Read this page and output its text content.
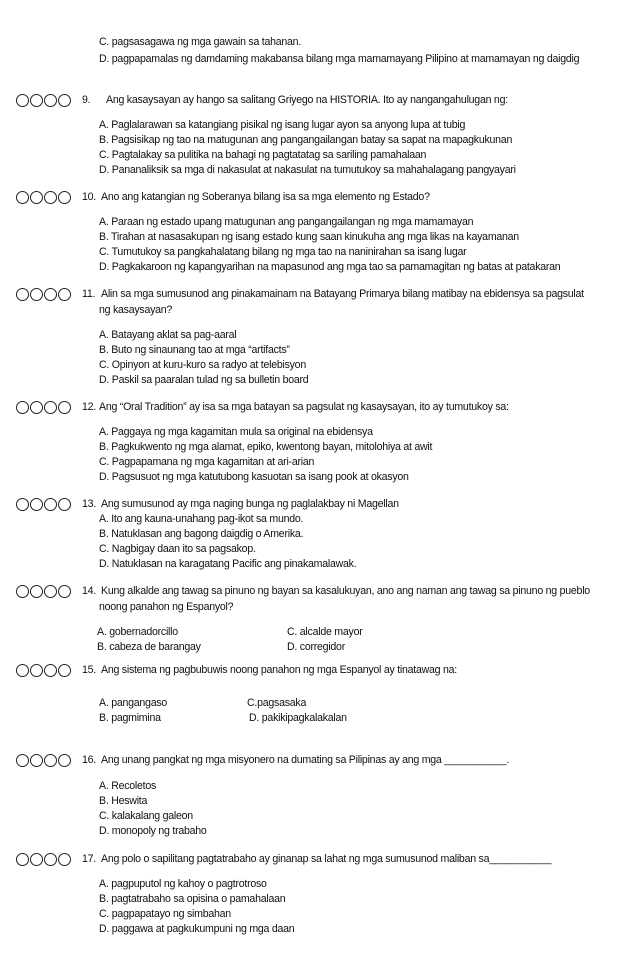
C. pagsasagawa ng mga gawain sa tahanan.
D. pagpapamalas ng damdaming makabansa bilang mga mamamayang Pilipino at mamamayan ng daigdig
9.	Ang kasaysayan ay hango sa salitang Griyego na HISTORIA. Ito ay nangangahulugan ng:
A. Paglalarawan sa katangiang pisikal ng isang lugar ayon sa anyong lupa at tubig
B. Pagsisikap ng tao na matugunan ang pangangailangan batay sa sapat na mapagkukunan
C. Pagtalakay sa pulitika na bahagi ng pagtatatag sa sariling pamahalaan
D. Pananaliksik sa mga di nakasulat at nakasulat na tumutukoy sa mahahalagang pangyayari
10. Ano ang katangian ng Soberanya bilang isa sa mga elemento ng Estado?
A. Paraan ng estado upang matugunan ang pangangailangan ng mga mamamayan
B. Tirahan at nasasakupan ng isang estado kung saan kinukuha ang mga likas na kayamanan
C. Tumutukoy sa pangkahalatang bilang ng mga tao na naninirahan sa isang lugar
D. Pagkakaroon ng kapangyarihan na mapasunod ang mga tao sa pamamagitan ng batas at patakaran
11. Alin sa mga sumusunod ang pinakamainam na Batayang Primarya bilang matibay na ebidensya sa pagsulat
ng kasaysayan?
A. Batayang aklat sa pag-aaral
B. Buto ng sinaunang tao at mga “artifacts”
C. Opinyon at kuru-kuro sa radyo at telebisyon
D. Paskil sa paaralan tulad ng sa bulletin board
12. Ang “Oral Tradition” ay isa sa mga batayan sa pagsulat ng kasaysayan, ito ay tumutukoy sa:
A. Paggaya ng mga kagamitan mula sa original na ebidensya
B. Pagkukwento ng mga alamat, epiko, kwentong bayan, mitolohiya at awit
C. Pagpapamana ng mga kagamitan at ari-arian
D. Pagsusuot ng mga katutubong kasuotan sa isang pook at okasyon
13. Ang sumusunod ay mga naging bunga ng paglalakbay ni Magellan
A. Ito ang kauna-unahang pag-ikot sa mundo.
B. Natuklasan ang bagong daigdig o Amerika.
C. Nagbigay daan ito sa pagsakop.
D. Natuklasan na karagatang Pacific ang pinakamalawak.
14. Kung alkalde ang tawag sa pinuno ng bayan sa kasalukuyan, ano ang naman ang tawag sa pinuno ng pueblo
noong panahon ng Espanyol?
A. gobernadorcillo	C. alcalde mayor
B. cabeza de barangay	D. corregidor
15. Ang sistema ng pagbubuwis noong panahon ng mga Espanyol ay tinatawag na:
A. pangangaso	C.pagsasaka
B. pagmimina	D. pakikipagkalakalan
16. Ang unang pangkat ng mga misyonero na dumating sa Pilipinas ay ang mga ___________.
A. Recoletos
B. Heswita
C. kalakalang galeon
D. monopoly ng trabaho
17. Ang polo o sapilitang pagtatrabaho ay ginanap sa lahat ng mga sumusunod maliban sa___________
A. pagpuputol ng kahoy o pagtrotroso
B. pagtatrabaho sa opisina o pamahalaan
C. pagpapatayo ng simbahan
D. paggawa at pagkukumpuni ng mga daan
